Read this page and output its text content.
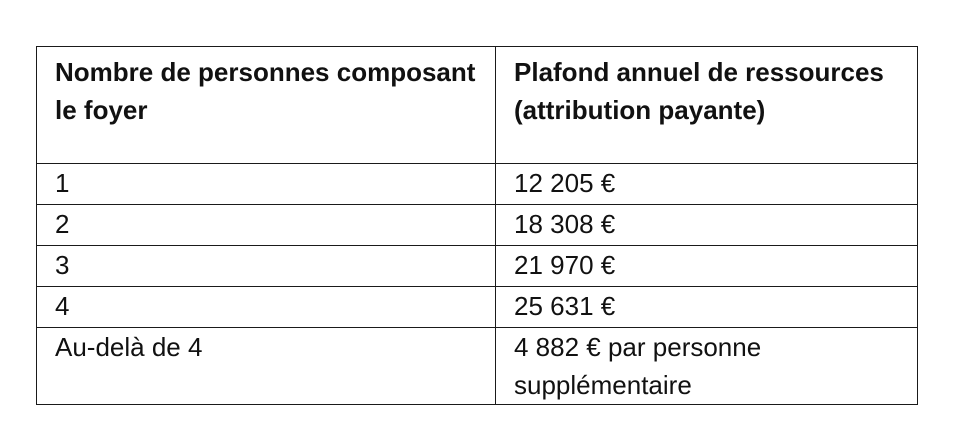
Nombre de personnes composant le foyer	Plafond annuel de ressources (attribution payante)

1	12 205 €

2	18 308 €

3	21 970 €

4	25 631 €

Au-delà de 4	4 882 € par personne supplémentaire
